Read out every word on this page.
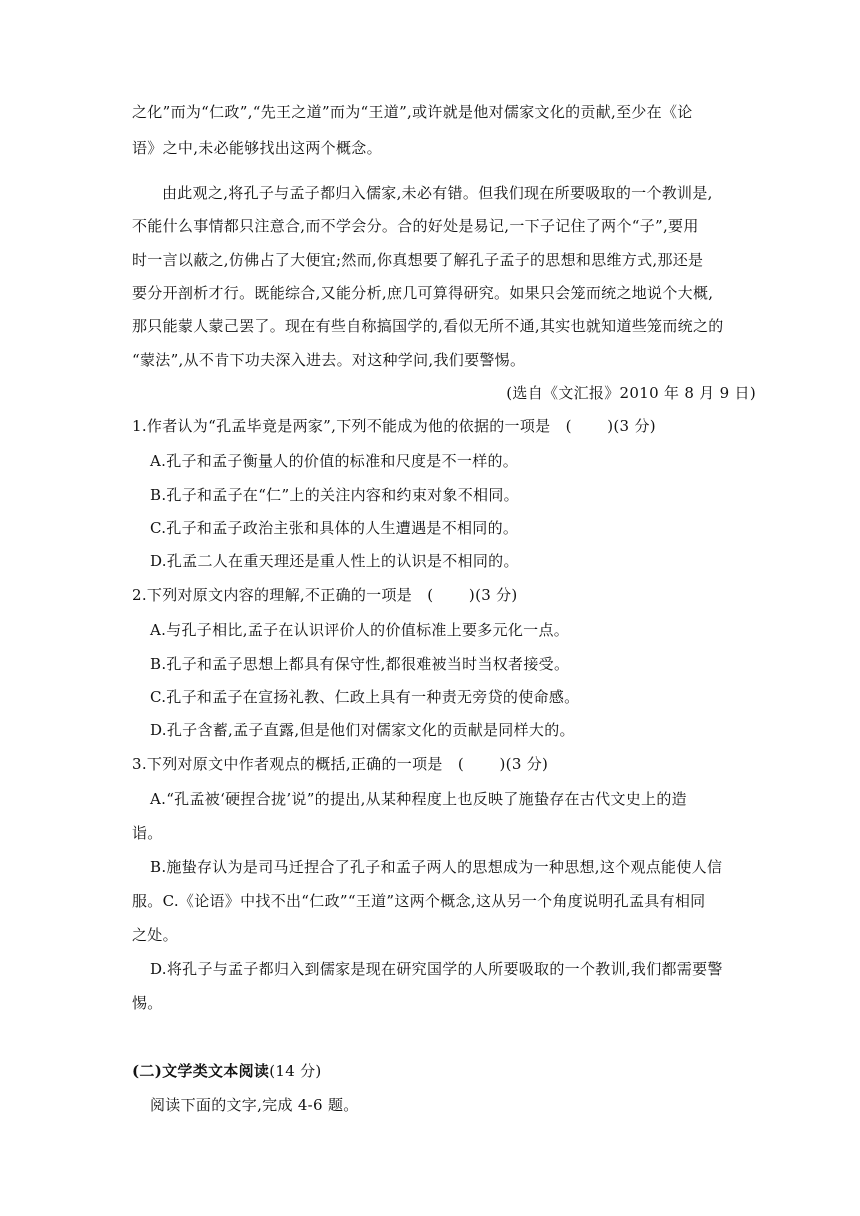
之化”而为“仁政”,“先王之道”而为“王道”,或许就是他对儒家文化的贡献,至少在《论
语》之中,未必能够找出这两个概念。
由此观之,将孔子与孟子都归入儒家,未必有错。但我们现在所要吸取的一个教训是,
不能什么事情都只注意合,而不学会分。合的好处是易记,一下子记住了两个“子”,要用
时一言以蔽之,仿佛占了大便宜;然而,你真想要了解孔子孟子的思想和思维方式,那还是
要分开剖析才行。既能综合,又能分析,庶几可算得研究。如果只会笼而统之地说个大概,
那只能蒙人蒙己罢了。现在有些自称搞国学的,看似无所不通,其实也就知道些笼而统之的
“蒙法”,从不肯下功夫深入进去。对这种学问,我们要警惕。
(选自《文汇报》2010 年 8 月 9 日)
1.作者认为“孔孟毕竟是两家”,下列不能成为他的依据的一项是   (       )(3 分)
A.孔子和孟子衡量人的价值的标准和尺度是不一样的。
B.孔子和孟子在“仁”上的关注内容和约束对象不相同。
C.孔子和孟子政治主张和具体的人生遭遇是不相同的。
D.孔孟二人在重天理还是重人性上的认识是不相同的。
2.下列对原文内容的理解,不正确的一项是   (       )(3 分)
A.与孔子相比,孟子在认识评价人的价值标准上要多元化一点。
B.孔子和孟子思想上都具有保守性,都很难被当时当权者接受。
C.孔子和孟子在宣扬礼教、仁政上具有一种责无旁贷的使命感。
D.孔子含蓄,孟子直露,但是他们对儒家文化的贡献是同样大的。
3.下列对原文中作者观点的概括,正确的一项是   (       )(3 分)
A.“孔孟被‘硬捏合拢’说”的提出,从某种程度上也反映了施蛰存在古代文史上的造
诣。
B.施蛰存认为是司马迁捏合了孔子和孟子两人的思想成为一种思想,这个观点能使人信
服。C.《论语》中找不出“仁政”“王道”这两个概念,这从另一个角度说明孔孟具有相同
之处。
D.将孔子与孟子都归入到儒家是现在研究国学的人所要吸取的一个教训,我们都需要警
惕。
(二)文学类文本阅读(14 分)
阅读下面的文字,完成 4-6 题。
